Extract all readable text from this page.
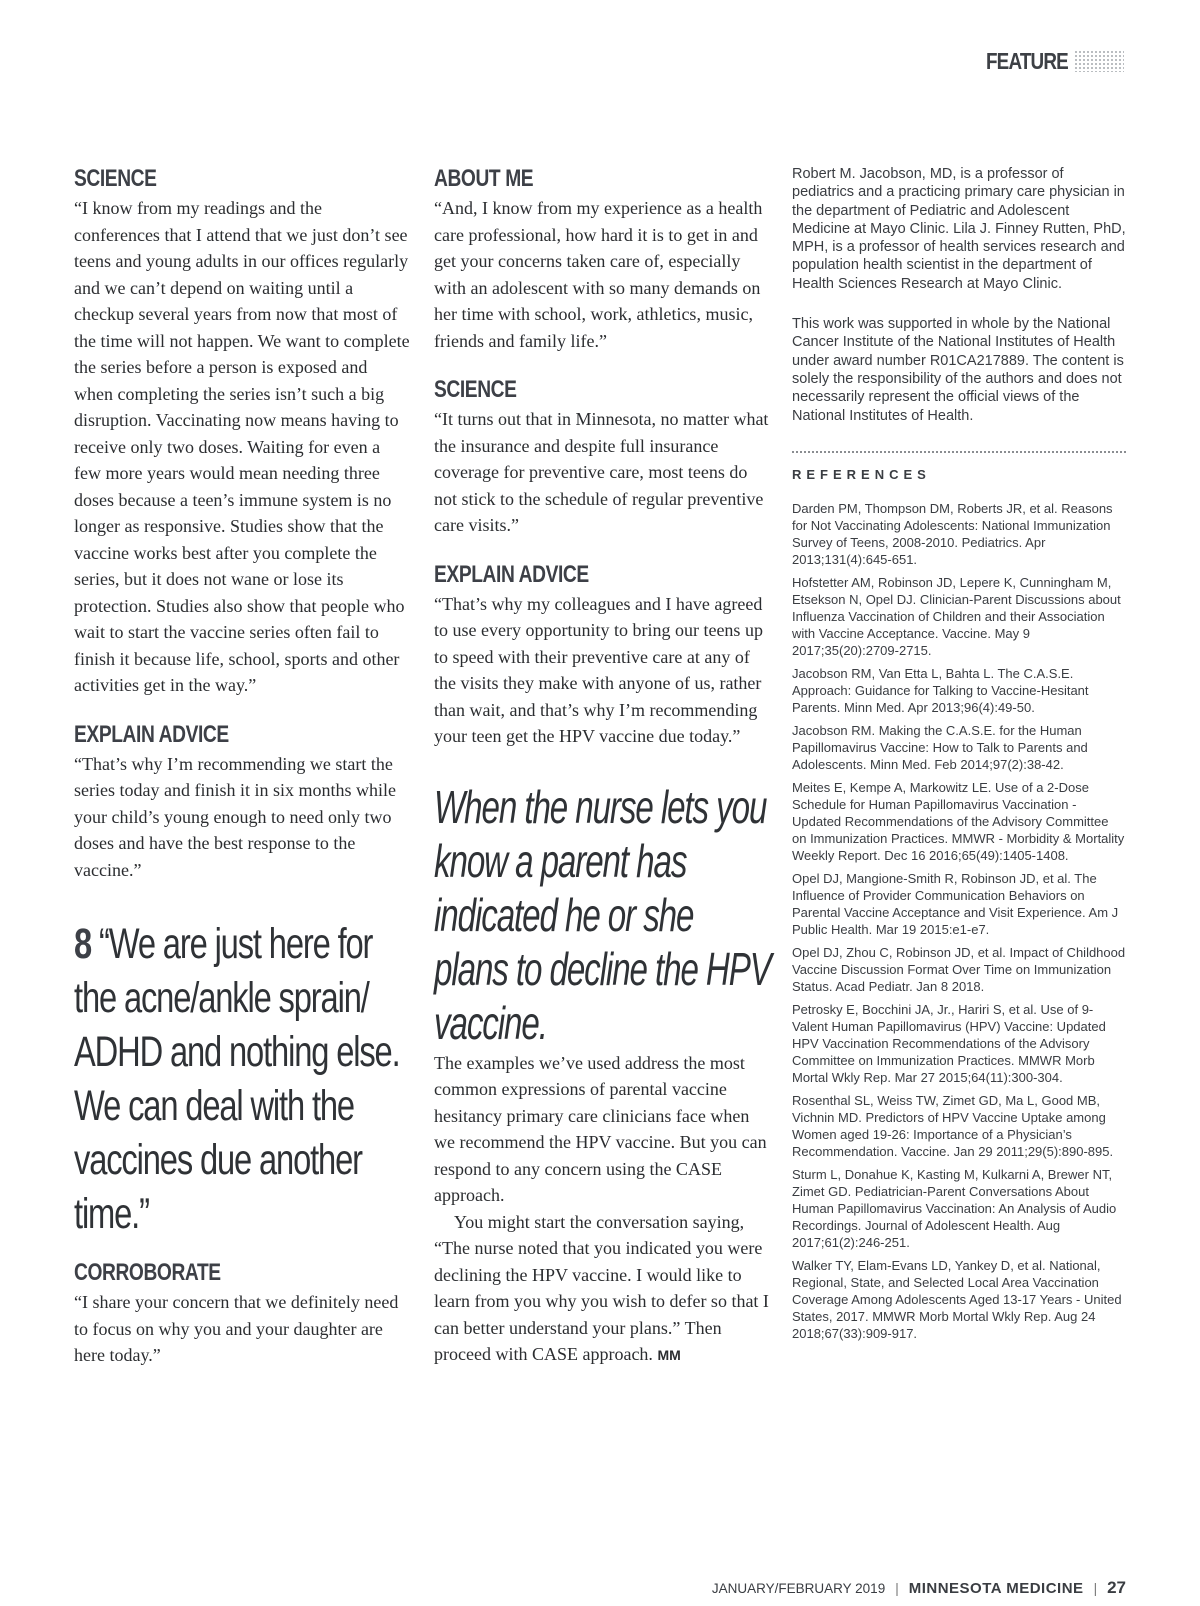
FEATURE
SCIENCE

“I know from my readings and the conferences that I attend that we just don’t see teens and young adults in our offices regularly and we can’t depend on waiting until a checkup several years from now that most of the time will not happen. We want to complete the series before a person is exposed and when completing the series isn’t such a big disruption. Vaccinating now means having to receive only two doses. Waiting for even a few more years would mean needing three doses because a teen’s immune system is no longer as responsive. Studies show that the vaccine works best after you complete the series, but it does not wane or lose its protection. Studies also show that people who wait to start the vaccine series often fail to finish it because life, school, sports and other activities get in the way.”

EXPLAIN ADVICE

“That’s why I’m recommending we start the series today and finish it in six months while your child’s young enough to need only two doses and have the best response to the vaccine.”

8 “We are just here for the acne/ankle sprain/ ADHD and nothing else. We can deal with the vaccines due another time.”

CORROBORATE

“I share your concern that we definitely need to focus on why you and your daughter are here today.”

ABOUT ME

“And, I know from my experience as a health care professional, how hard it is to get in and get your concerns taken care of, especially with an adolescent with so many demands on her time with school, work, athletics, music, friends and family life.”

SCIENCE

“It turns out that in Minnesota, no matter what the insurance and despite full insurance coverage for preventive care, most teens do not stick to the schedule of regular preventive care visits.”

EXPLAIN ADVICE

“That’s why my colleagues and I have agreed to use every opportunity to bring our teens up to speed with their preventive care at any of the visits they make with anyone of us, rather than wait, and that’s why I’m recommending your teen get the HPV vaccine due today.”

When the nurse lets you know a parent has indicated he or she plans to decline the HPV vaccine.

The examples we’ve used address the most common expressions of parental vaccine hesitancy primary care clinicians face when we recommend the HPV vaccine. But you can respond to any concern using the CASE approach.

You might start the conversation saying, “The nurse noted that you indicated you were declining the HPV vaccine. I would like to learn from you why you wish to defer so that I can better understand your plans.” Then proceed with CASE approach. MM

Robert M. Jacobson, MD, is a professor of pediatrics and a practicing primary care physician in the department of Pediatric and Adolescent Medicine at Mayo Clinic. Lila J. Finney Rutten, PhD, MPH, is a professor of health services research and population health scientist in the department of Health Sciences Research at Mayo Clinic.

This work was supported in whole by the National Cancer Institute of the National Institutes of Health under award number R01CA217889. The content is solely the responsibility of the authors and does not necessarily represent the official views of the National Institutes of Health.

REFERENCES

Darden PM, Thompson DM, Roberts JR, et al. Reasons for Not Vaccinating Adolescents: National Immunization Survey of Teens, 2008-2010. Pediatrics. Apr 2013;131(4):645-651.

Hofstetter AM, Robinson JD, Lepere K, Cunningham M, Etsekson N, Opel DJ. Clinician-Parent Discussions about Influenza Vaccination of Children and their Association with Vaccine Acceptance. Vaccine. May 9 2017;35(20):2709-2715.

Jacobson RM, Van Etta L, Bahta L. The C.A.S.E. Approach: Guidance for Talking to Vaccine-Hesitant Parents. Minn Med. Apr 2013;96(4):49-50.

Jacobson RM. Making the C.A.S.E. for the Human Papillomavirus Vaccine: How to Talk to Parents and Adolescents. Minn Med. Feb 2014;97(2):38-42.

Meites E, Kempe A, Markowitz LE. Use of a 2-Dose Schedule for Human Papillomavirus Vaccination - Updated Recommendations of the Advisory Committee on Immunization Practices. MMWR - Morbidity & Mortality Weekly Report. Dec 16 2016;65(49):1405-1408.

Opel DJ, Mangione-Smith R, Robinson JD, et al. The Influence of Provider Communication Behaviors on Parental Vaccine Acceptance and Visit Experience. Am J Public Health. Mar 19 2015:e1-e7.

Opel DJ, Zhou C, Robinson JD, et al. Impact of Childhood Vaccine Discussion Format Over Time on Immunization Status. Acad Pediatr. Jan 8 2018.

Petrosky E, Bocchini JA, Jr., Hariri S, et al. Use of 9-Valent Human Papillomavirus (HPV) Vaccine: Updated HPV Vaccination Recommendations of the Advisory Committee on Immunization Practices. MMWR Morb Mortal Wkly Rep. Mar 27 2015;64(11):300-304.

Rosenthal SL, Weiss TW, Zimet GD, Ma L, Good MB, Vichnin MD. Predictors of HPV Vaccine Uptake among Women aged 19-26: Importance of a Physician’s Recommendation. Vaccine. Jan 29 2011;29(5):890-895.

Sturm L, Donahue K, Kasting M, Kulkarni A, Brewer NT, Zimet GD. Pediatrician-Parent Conversations About Human Papillomavirus Vaccination: An Analysis of Audio Recordings. Journal of Adolescent Health. Aug 2017;61(2):246-251.

Walker TY, Elam-Evans LD, Yankey D, et al. National, Regional, State, and Selected Local Area Vaccination Coverage Among Adolescents Aged 13-17 Years - United States, 2017. MMWR Morb Mortal Wkly Rep. Aug 24 2018;67(33):909-917.

JANUARY/FEBRUARY 2019 | MINNESOTA MEDICINE | 27
